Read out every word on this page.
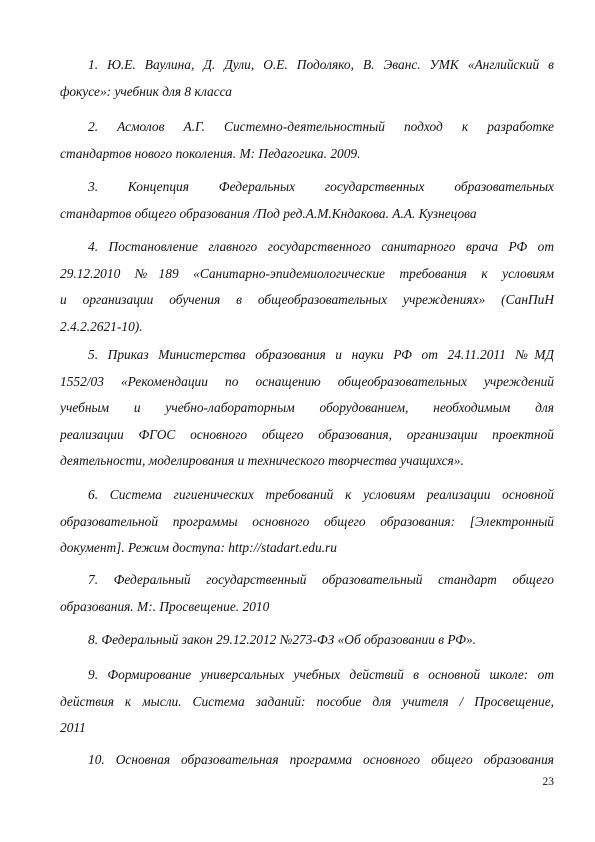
1. Ю.Е. Ваулина, Д. Дули, О.Е. Подоляко, В. Эванс. УМК «Английский в
фокусе»: учебник для 8 класса
2. Асмолов А.Г. Системно-деятельностный подход к разработке
стандартов нового поколения. М: Педагогика. 2009.
3. Концепция Федеральных государственных образовательных
стандартов общего образования /Под ред.А.М.Кндакова. А.А. Кузнецова
4. Постановление главного государственного санитарного врача РФ от
29.12.2010 №189 «Санитарно-эпидемиологические требования к условиям
и организации обучения в общеобразовательных учреждениях» (СанПиН
2.4.2.2621-10).
5. Приказ Министерства образования и науки РФ от 24.11.2011 №МД
1552/03 «Рекомендации по оснащению общеобразовательных учреждений
учебным и учебно-лабораторным оборудованием, необходимым для
реализации ФГОС основного общего образования, организации проектной
деятельности, моделирования и технического творчества учащихся».
6. Система гигиенических требований к условиям реализации основной
образовательной программы основного общего образования: [Электронный
документ]. Режим доступа: http://stadart.edu.ru
7. Федеральный государственный образовательный стандарт общего
образования. М:. Просвещение. 2010
8. Федеральный закон 29.12.2012 №273-ФЗ «Об образовании в РФ».
9. Формирование универсальных учебных действий в основной школе: от
действия к мысли. Система заданий: пособие для учителя / Просвещение,
2011
10. Основная образовательная программа основного общего образования
23
